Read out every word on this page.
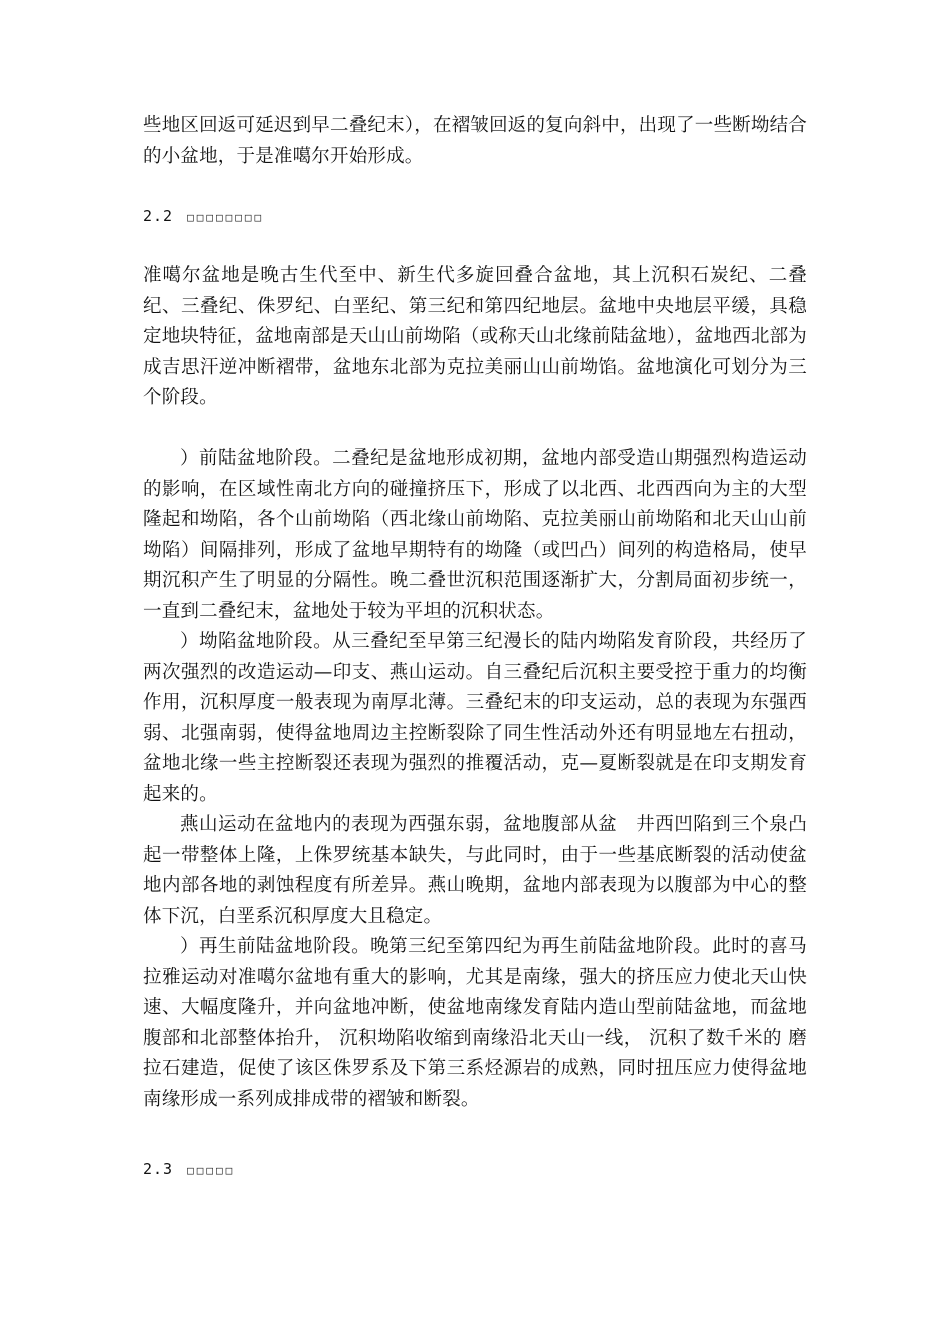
些地区回返可延迟到早二叠纪末），在褶皱回返的复向斜中，出现了一些断坳结合的小盆地，于是准噶尔开始形成。

2.2 □□□□□□□□

准噶尔盆地是晚古生代至中、新生代多旋回叠合盆地，其上沉积石炭纪、二叠纪、三叠纪、侏罗纪、白垩纪、第三纪和第四纪地层。盆地中央地层平缓，具稳定地块特征，盆地南部是天山山前坳陷（或称天山北缘前陆盆地），盆地西北部为成吉思汗逆冲断褶带，盆地东北部为克拉美丽山山前坳馅。盆地演化可划分为三个阶段。

）前陆盆地阶段。二叠纪是盆地形成初期，盆地内部受造山期强烈构造运动的影响，在区域性南北方向的碰撞挤压下，形成了以北西、北西西向为主的大型隆起和坳陷，各个山前坳陷（西北缘山前坳陷、克拉美丽山前坳陷和北天山山前坳陷）间隔排列，形成了盆地早期特有的坳隆（或凹凸）间列的构造格局，使早期沉积产生了明显的分隔性。晚二叠世沉积范围逐渐扩大，分割局面初步统一，一直到二叠纪末，盆地处于较为平坦的沉积状态。

）坳陷盆地阶段。从三叠纪至早第三纪漫长的陆内坳陷发育阶段，共经历了两次强烈的改造运动—印支、燕山运动。自三叠纪后沉积主要受控于重力的均衡作用，沉积厚度一般表现为南厚北薄。三叠纪末的印支运动，总的表现为东强西弱、北强南弱，使得盆地周边主控断裂除了同生性活动外还有明显地左右扭动，盆地北缘一些主控断裂还表现为强烈的推覆活动，克—夏断裂就是在印支期发育起来的。

燕山运动在盆地内的表现为西强东弱，盆地腹部从盆　井西凹陷到三个泉凸起一带整体上隆，上侏罗统基本缺失，与此同时，由于一些基底断裂的活动使盆地内部各地的剥蚀程度有所差异。燕山晚期，盆地内部表现为以腹部为中心的整体下沉，白垩系沉积厚度大且稳定。

）再生前陆盆地阶段。晚第三纪至第四纪为再生前陆盆地阶段。此时的喜马拉雅运动对准噶尔盆地有重大的影响，尤其是南缘，强大的挤压应力使北天山快速、大幅度隆升，并向盆地冲断，使盆地南缘发育陆内造山型前陆盆地，而盆地腹部和北部整体抬升， 沉积坳陷收缩到南缘沿北天山一线， 沉积了数千米的 磨拉石建造，促使了该区侏罗系及下第三系烃源岩的成熟，同时扭压应力使得盆地南缘形成一系列成排成带的褶皱和断裂。

2.3 □□□□□
